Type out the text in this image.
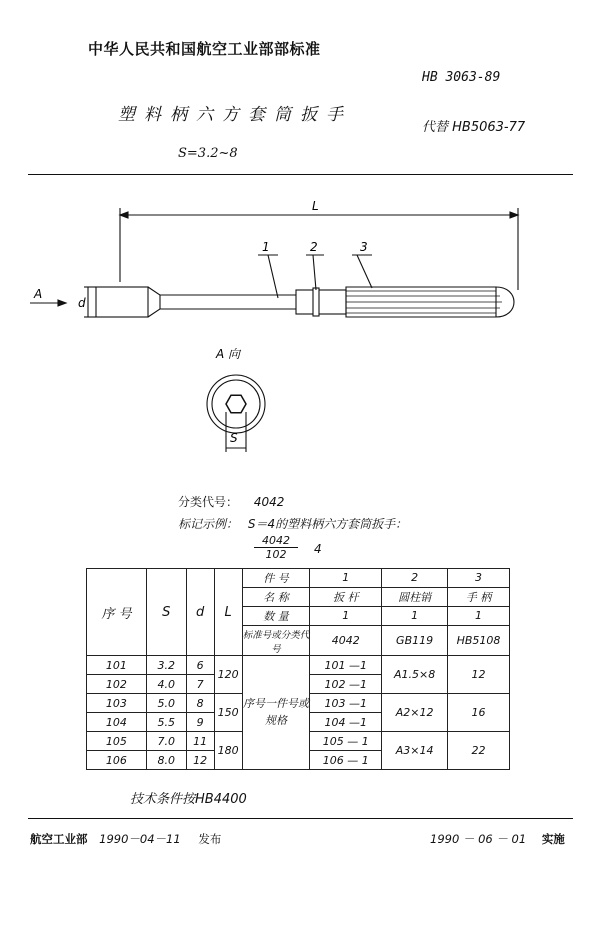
中华人民共和国航空工业部部标准
HB 3063-89
塑料柄六方套筒扳手
代替 HB5063-77
S=3.2~8
L
1	2	3
A
d
A 向
S
分类代号： 4042
标记示例： S＝4的塑料柄六方套筒扳手：
$\frac{4042}{102} 4$
序 号	S	d	L	件 号	1	2	3
				名 称	扳 杆	圆柱销	手 柄
				数 量	1	1	1
				标准号或分类代号	4042	GB119	HB5108
101	3.2	6	120	序号一件号或规格	101 —1	A1.5×8	12
102	4.0	7			102 —1		
103	5.0	8	150		103 —1	A2×12	16
104	5.5	9			104 —1		
105	7.0	11	180		105 — 1	A3×14	22
106	8.0	12			106 — 1		
技术条件按HB4400
航空工业部 1990－04－11 发布	1990 － 06 － 01 实施
